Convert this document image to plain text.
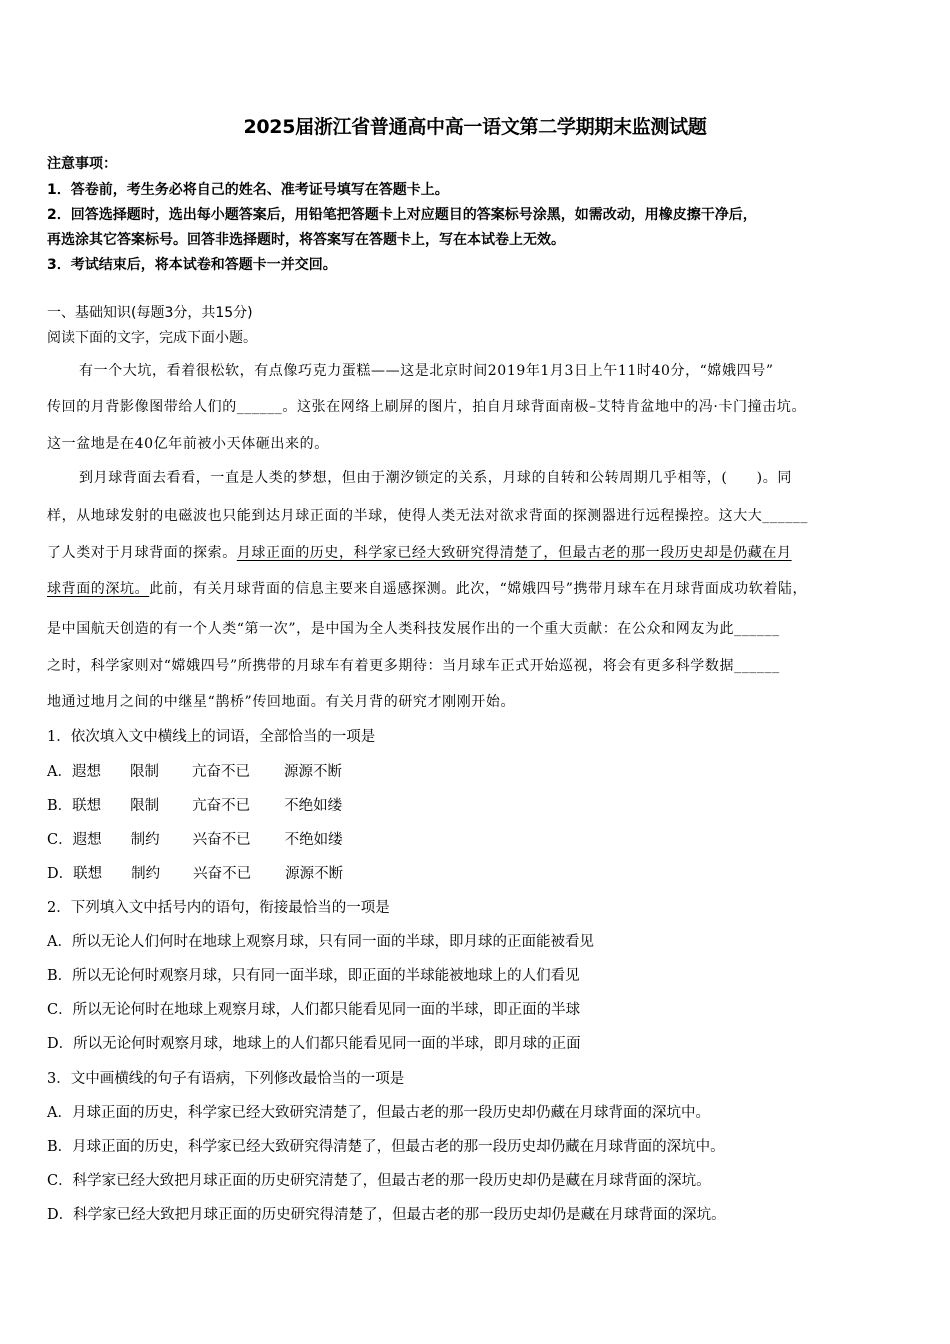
2025届浙江省普通高中高一语文第二学期期末监测试题
注意事项：
1．答卷前，考生务必将自己的姓名、准考证号填写在答题卡上。
2．回答选择题时，选出每小题答案后，用铅笔把答题卡上对应题目的答案标号涂黑，如需改动，用橡皮擦干净后，
再选涂其它答案标号。回答非选择题时，将答案写在答题卡上，写在本试卷上无效。
3．考试结束后，将本试卷和答题卡一并交回。
一、基础知识(每题3分，共15分)
阅读下面的文字，完成下面小题。
有一个大坑，看着很松软，有点像巧克力蛋糕——这是北京时间2019年1月3日上午11时40分，“嫦娥四号”
传回的月背影像图带给人们的______。这张在网络上刷屏的图片，拍自月球背面南极–艾特肯盆地中的冯·卡门撞击坑。
这一盆地是在40亿年前被小天体砸出来的。
到月球背面去看看，一直是人类的梦想，但由于潮汐锁定的关系，月球的自转和公转周期几乎相等，(　　)。同
样，从地球发射的电磁波也只能到达月球正面的半球，使得人类无法对欲求背面的探测器进行远程操控。这大大______
了人类对于月球背面的探索。月球正面的历史，科学家已经大致研究得清楚了，但最古老的那一段历史却是仍藏在月
球背面的深坑。此前，有关月球背面的信息主要来自遥感探测。此次，“嫦娥四号”携带月球车在月球背面成功软着陆，
是中国航天创造的有一个人类“第一次”，是中国为全人类科技发展作出的一个重大贡献：在公众和网友为此______
之时，科学家则对“嫦娥四号”所携带的月球车有着更多期待：当月球车正式开始巡视，将会有更多科学数据______
地通过地月之间的中继星“鹊桥”传回地面。有关月背的研究才刚刚开始。
1．依次填入文中横线上的词语，全部恰当的一项是
A．遐想 限制 亢奋不已 源源不断
B．联想 限制 亢奋不已 不绝如缕
C．遐想 制约 兴奋不已 不绝如缕
D．联想 制约 兴奋不已 源源不断
2．下列填入文中括号内的语句，衔接最恰当的一项是
A．所以无论人们何时在地球上观察月球，只有同一面的半球，即月球的正面能被看见
B．所以无论何时观察月球，只有同一面半球，即正面的半球能被地球上的人们看见
C．所以无论何时在地球上观察月球，人们都只能看见同一面的半球，即正面的半球
D．所以无论何时观察月球，地球上的人们都只能看见同一面的半球，即月球的正面
3．文中画横线的句子有语病，下列修改最恰当的一项是
A．月球正面的历史，科学家已经大致研究清楚了，但最古老的那一段历史却仍藏在月球背面的深坑中。
B．月球正面的历史，科学家已经大致研究得清楚了，但最古老的那一段历史却仍藏在月球背面的深坑中。
C．科学家已经大致把月球正面的历史研究清楚了，但最古老的那一段历史却仍是藏在月球背面的深坑。
D．科学家已经大致把月球正面的历史研究得清楚了，但最古老的那一段历史却仍是藏在月球背面的深坑。
